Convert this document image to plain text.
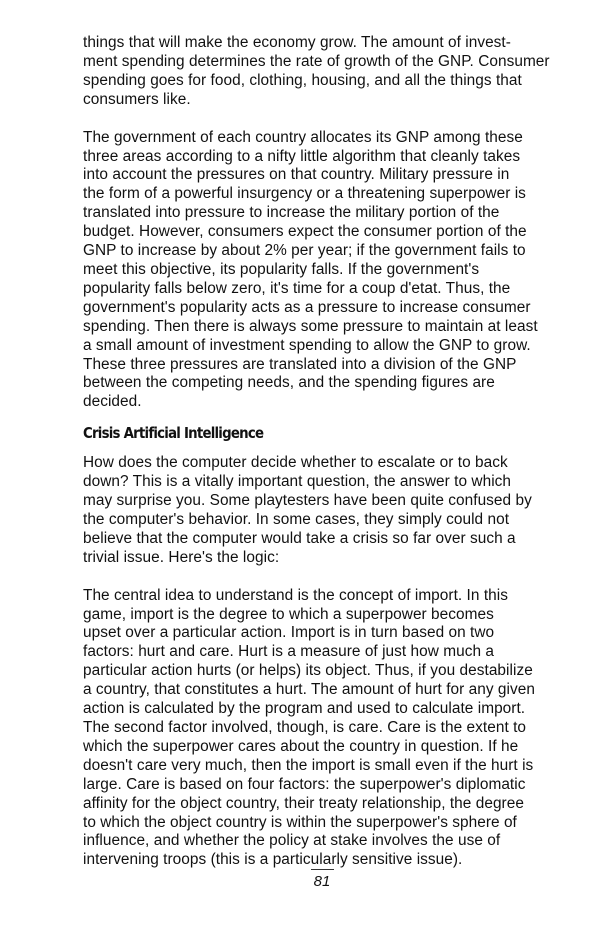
things that will make the economy grow. The amount of invest-
ment spending determines the rate of growth of the GNP. Consumer
spending goes for food, clothing, housing, and all the things that
consumers like.

The government of each country allocates its GNP among these
three areas according to a nifty little algorithm that cleanly takes
into account the pressures on that country. Military pressure in
the form of a powerful insurgency or a threatening superpower is
translated into pressure to increase the military portion of the
budget. However, consumers expect the consumer portion of the
GNP to increase by about 2% per year; if the government fails to
meet this objective, its popularity falls. If the government's
popularity falls below zero, it's time for a coup d'etat. Thus, the
government's popularity acts as a pressure to increase consumer
spending. Then there is always some pressure to maintain at least
a small amount of investment spending to allow the GNP to grow.
These three pressures are translated into a division of the GNP
between the competing needs, and the spending figures are
decided.

Crisis Artificial Intelligence

How does the computer decide whether to escalate or to back
down? This is a vitally important question, the answer to which
may surprise you. Some playtesters have been quite confused by
the computer's behavior. In some cases, they simply could not
believe that the computer would take a crisis so far over such a
trivial issue. Here's the logic:

The central idea to understand is the concept of import. In this
game, import is the degree to which a superpower becomes
upset over a particular action. Import is in turn based on two
factors: hurt and care. Hurt is a measure of just how much a
particular action hurts (or helps) its object. Thus, if you destabilize
a country, that constitutes a hurt. The amount of hurt for any given
action is calculated by the program and used to calculate import.
The second factor involved, though, is care. Care is the extent to
which the superpower cares about the country in question. If he
doesn't care very much, then the import is small even if the hurt is
large. Care is based on four factors: the superpower's diplomatic
affinity for the object country, their treaty relationship, the degree
to which the object country is within the superpower's sphere of
influence, and whether the policy at stake involves the use of
intervening troops (this is a particularly sensitive issue).

81
